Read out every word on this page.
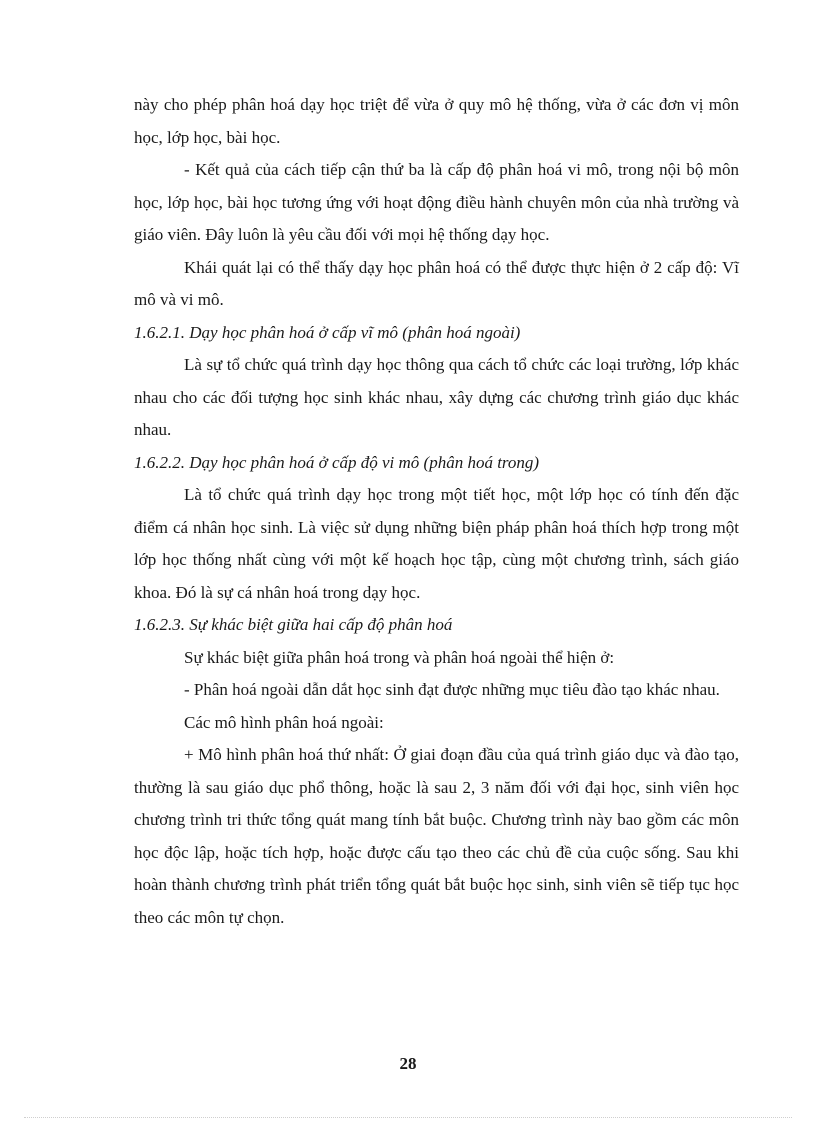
này cho phép phân hoá dạy học triệt để vừa ở quy mô hệ thống, vừa ở các đơn vị môn học, lớp học, bài học.

- Kết quả của cách tiếp cận thứ ba là cấp độ phân hoá vi mô, trong nội bộ môn học, lớp học, bài học tương ứng với hoạt động điều hành chuyên môn của nhà trường và giáo viên. Đây luôn là yêu cầu đối với mọi hệ thống dạy học.

Khái quát lại có thể thấy dạy học phân hoá có thể được thực hiện ở 2 cấp độ: Vĩ mô và vi mô.

1.6.2.1. Dạy học phân hoá ở cấp vĩ mô (phân hoá ngoài)

Là sự tổ chức quá trình dạy học thông qua cách tổ chức các loại trường, lớp khác nhau cho các đối tượng học sinh khác nhau, xây dựng các chương trình giáo dục khác nhau.

1.6.2.2. Dạy học phân hoá ở cấp độ vi mô (phân hoá trong)

Là tổ chức quá trình dạy học trong một tiết học, một lớp học có tính đến đặc điểm cá nhân học sinh. Là việc sử dụng những biện pháp phân hoá thích hợp trong một lớp học thống nhất cùng với một kế hoạch học tập, cùng một chương trình, sách giáo khoa. Đó là sự cá nhân hoá trong dạy học.

1.6.2.3. Sự khác biệt giữa hai cấp độ phân hoá

Sự khác biệt giữa phân hoá trong và phân hoá ngoài thể hiện ở:

- Phân hoá ngoài dẫn dắt học sinh đạt được những mục tiêu đào tạo khác nhau.

Các mô hình phân hoá ngoài:

+ Mô hình phân hoá thứ nhất: Ở giai đoạn đầu của quá trình giáo dục và đào tạo, thường là sau giáo dục phổ thông, hoặc là sau 2, 3 năm đối với đại học, sinh viên học chương trình tri thức tổng quát mang tính bắt buộc. Chương trình này bao gồm các môn học độc lập, hoặc tích hợp, hoặc được cấu tạo theo các chủ đề của cuộc sống. Sau khi hoàn thành chương trình phát triển tổng quát bắt buộc học sinh, sinh viên sẽ tiếp tục học theo các môn tự chọn.

28
